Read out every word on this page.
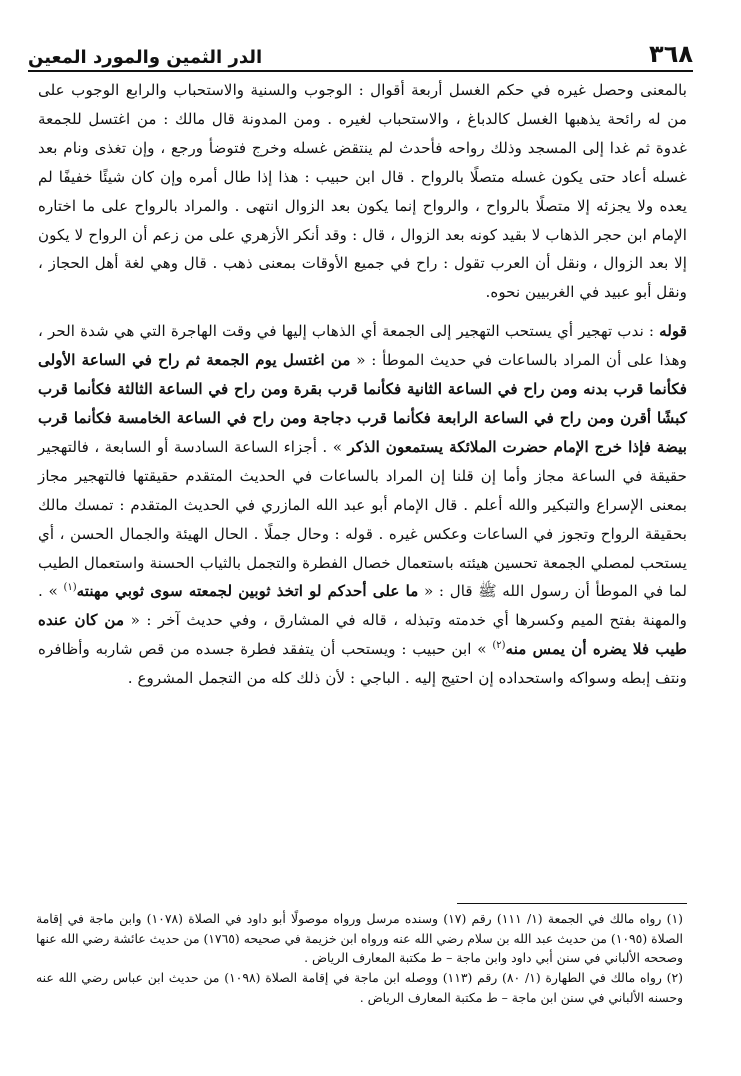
٣٦٨
الدر الثمين والمورد المعين

بالمعنى وحصل غيره في حكم الغسل أربعة أقوال : الوجوب والسنية والاستحباب والرابع الوجوب على من له رائحة يذهبها الغسل كالدباغ ، والاستحباب لغيره . ومن المدونة قال مالك : من اغتسل للجمعة غدوة ثم غدا إلى المسجد وذلك رواحه فأحدث لم ينتقض غسله وخرج فتوضأ ورجع ، وإن تغذى ونام بعد غسله أعاد حتى يكون غسله متصلًا بالرواح . قال ابن حبيب : هذا إذا طال أمره وإن كان شيئًا خفيفًا لم يعده ولا يجزئه إلا متصلًا بالرواح ، والرواح إنما يكون بعد الزوال انتهى . والمراد بالرواح على ما اختاره الإمام ابن حجر الذهاب لا بقيد كونه بعد الزوال ، قال : وقد أنكر الأزهري على من زعم أن الرواح لا يكون إلا بعد الزوال ، ونقل أن العرب تقول : راح في جميع الأوقات بمعنى ذهب . قال وهي لغة أهل الحجاز ، ونقل أبو عبيد في الغربيين نحوه.

قوله : ندب تهجير أي يستحب التهجير إلى الجمعة أي الذهاب إليها في وقت الهاجرة التي هي شدة الحر ، وهذا على أن المراد بالساعات في حديث الموطأ : « من اغتسل يوم الجمعة ثم راح في الساعة الأولى فكأنما قرب بدنه ومن راح في الساعة الثانية فكأنما قرب بقرة ومن راح في الساعة الثالثة فكأنما قرب كبشًا أقرن ومن راح في الساعة الرابعة فكأنما قرب دجاجة ومن راح في الساعة الخامسة فكأنما قرب بيضة فإذا خرج الإمام حضرت الملائكة يستمعون الذكر » . أجزاء الساعة السادسة أو السابعة ، فالتهجير حقيقة في الساعة مجاز وأما إن قلنا إن المراد بالساعات في الحديث المتقدم حقيقتها فالتهجير مجاز بمعنى الإسراع والتبكير والله أعلم . قال الإمام أبو عبد الله المازري في الحديث المتقدم : تمسك مالك بحقيقة الرواح وتجوز في الساعات وعكس غيره . قوله : وحال جملًا . الحال الهيئة والجمال الحسن ، أي يستحب لمصلي الجمعة تحسين هيئته باستعمال خصال الفطرة والتجمل بالثياب الحسنة واستعمال الطيب لما في الموطأ أن رسول الله ﷺ قال : « ما على أحدكم لو اتخذ ثوبين لجمعته سوى ثوبي مهنته$^{(١)}$ » . والمهنة بفتح الميم وكسرها أي خدمته وتبذله ، قاله في المشارق ، وفي حديث آخر : « من كان عنده طيب فلا يضره أن يمس منه$^{(٢)}$ » ابن حبيب : ويستحب أن يتفقد فطرة جسده من قص شاربه وأظافره ونتف إبطه وسواكه واستحداده إن احتيج إليه . الباجي : لأن ذلك كله من التجمل المشروع .

(١) رواه مالك في الجمعة (١/ ١١١) رقم (١٧) وسنده مرسل ورواه موصولًا أبو داود في الصلاة (١٠٧٨) وابن ماجة في إقامة الصلاة (١٠٩٥) من حديث عبد الله بن سلام رضي الله عنه ورواه ابن خزيمة في صحيحه (١٧٦٥) من حديث عائشة رضي الله عنها وصححه الألباني في سنن أبي داود وابن ماجة – ط مكتبة المعارف الرياض .

(٢) رواه مالك في الطهارة (١/ ٨٠) رقم (١١٣) ووصله ابن ماجة في إقامة الصلاة (١٠٩٨) من حديث ابن عباس رضي الله عنه وحسنه الألباني في سنن ابن ماجة – ط مكتبة المعارف الرياض .
